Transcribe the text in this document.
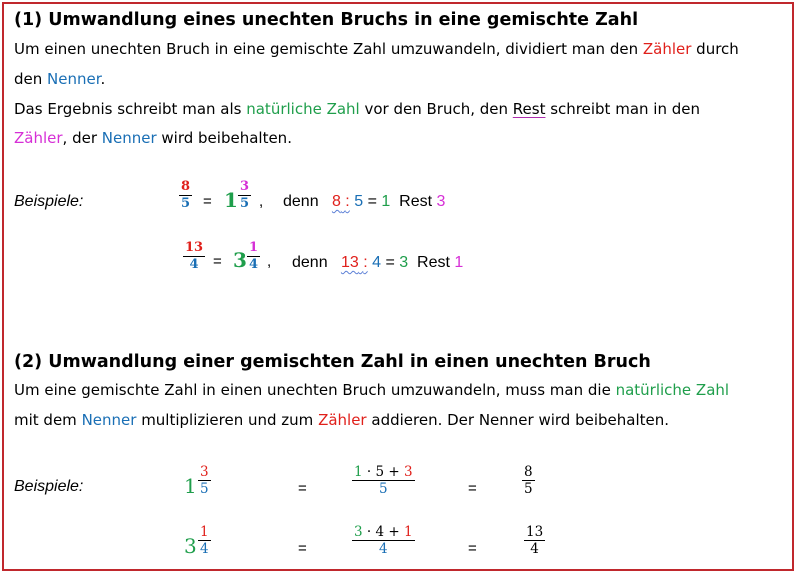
(1) Umwandlung eines unechten Bruchs in eine gemischte Zahl
Um einen unechten Bruch in eine gemischte Zahl umzuwandeln, dividiert man den Zähler durch
den Nenner.
Das Ergebnis schreibt man als natürliche Zahl vor den Bruch, den Rest schreibt man in den
Zähler, der Nenner wird beibehalten.
Beispiele:
8
5 = 1
3
5 , denn 8 : 5 = 1 Rest 3
13
4 = 3
1
4 , denn 13 : 4 = 3 Rest 1
(2) Umwandlung einer gemischten Zahl in einen unechten Bruch
Um eine gemischte Zahl in einen unechten Bruch umzuwandeln, muss man die natürliche Zahl
mit dem Nenner multiplizieren und zum Zähler addieren. Der Nenner wird beibehalten.
Beispiele:	1
3
5	=
1 · 5 + 3
5	=
8
5
3
1
4	=
3 · 4 + 1
4	=
13
4
